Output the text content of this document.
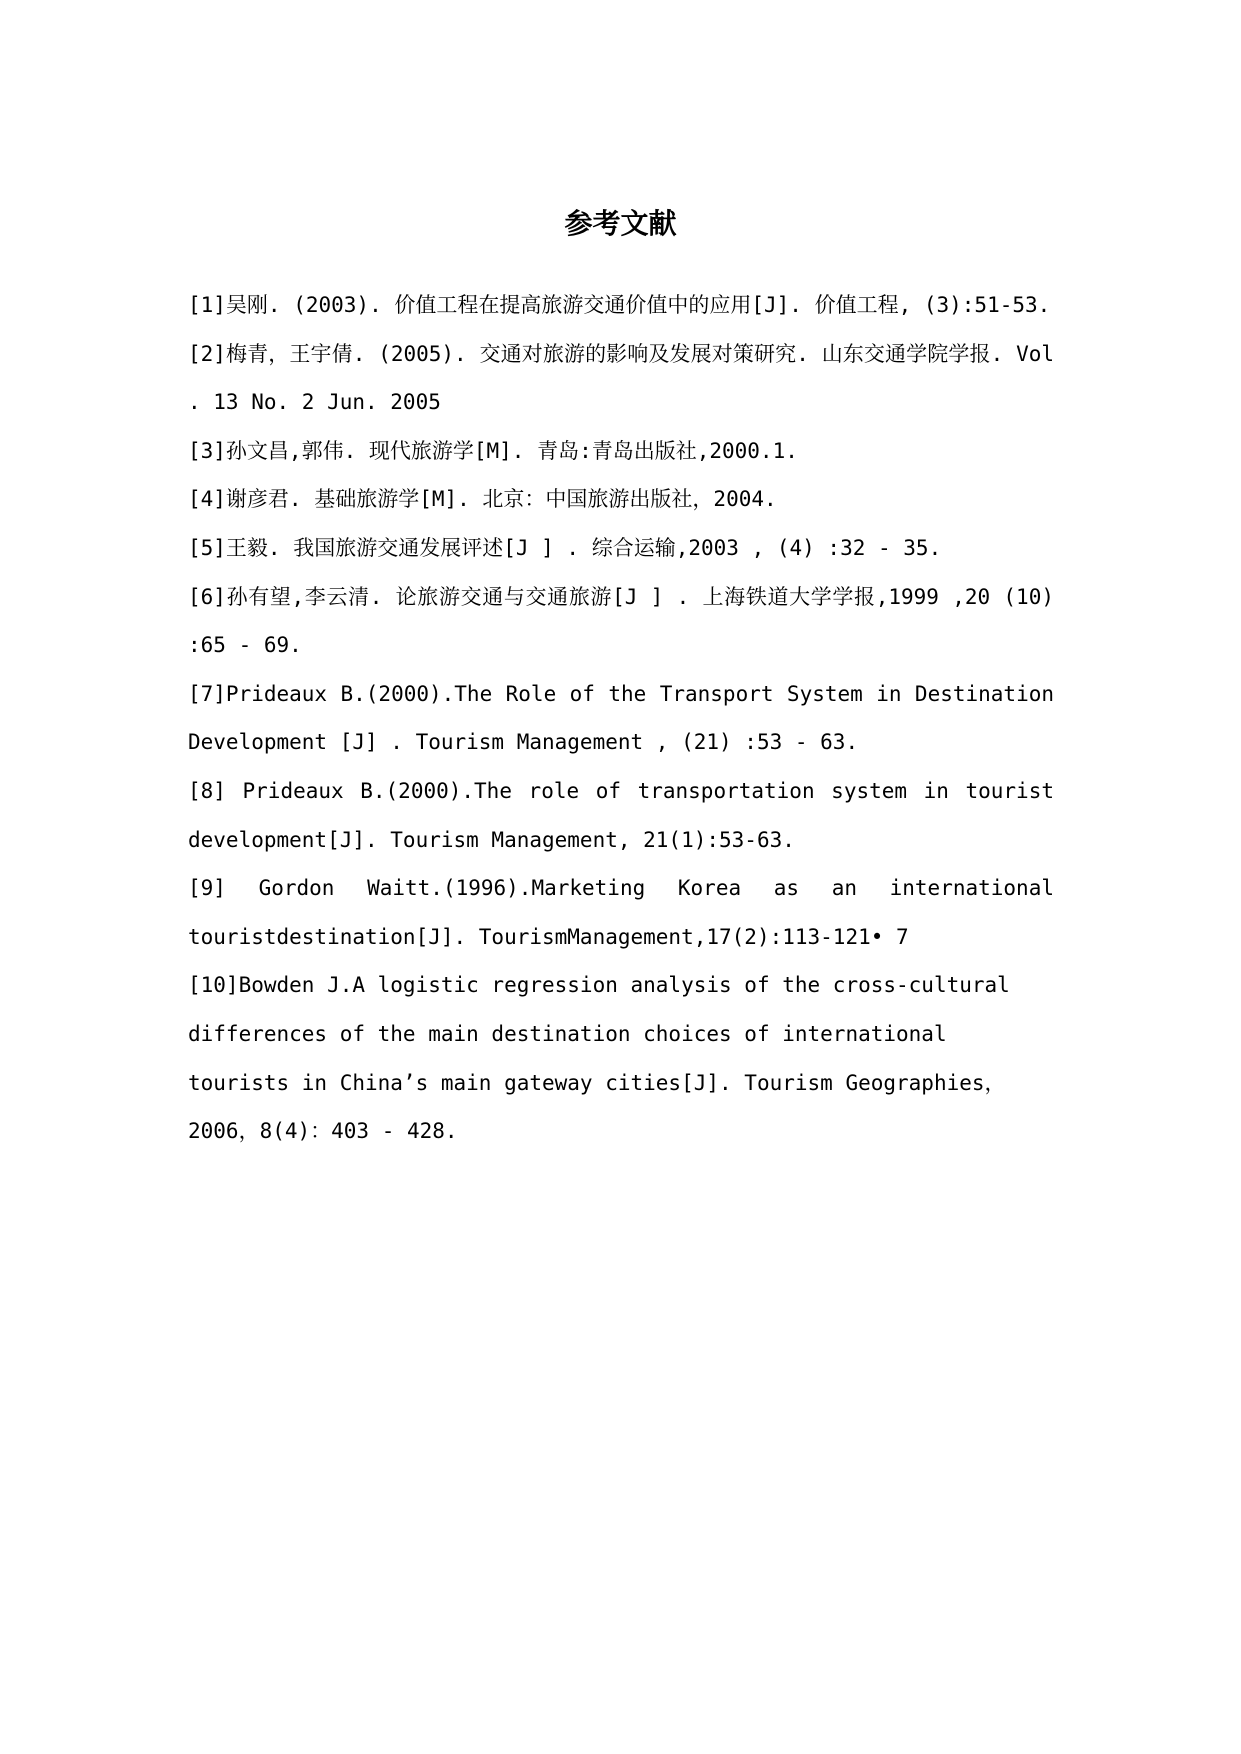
参考文献
[1]吴刚. (2003). 价值工程在提高旅游交通价值中的应用[J]. 价值工程, (3):51-53.
[2]梅青，王宇倩. (2005). 交通对旅游的影响及发展对策研究. 山东交通学院学报. Vol . 13 No. 2 Jun. 2005
[3]孙文昌,郭伟. 现代旅游学[M]. 青岛:青岛出版社,2000.1.
[4]谢彦君. 基础旅游学[M]. 北京：中国旅游出版社，2004.
[5]王毅. 我国旅游交通发展评述[J ] . 综合运输,2003 , (4) :32 - 35.
[6]孙有望,李云清. 论旅游交通与交通旅游[J ] . 上海铁道大学学报,1999 ,20 (10) :65 - 69.
[7]Prideaux B.(2000).The Role of the Transport System in Destination Development [J] . Tourism Management , (21) :53 - 63.
[8] Prideaux B.(2000).The role of transportation system in tourist development[J]. Tourism Management, 21(1):53-63.
[9] Gordon Waitt.(1996).Marketing Korea as an international touristdestination[J]. TourismManagement,17(2):113-121• 7
[10]Bowden J.A logistic regression analysis of the cross-cultural differences of the main destination choices of international tourists in China’s main gateway cities[J]. Tourism Geographies，2006，8(4)：403 - 428.
